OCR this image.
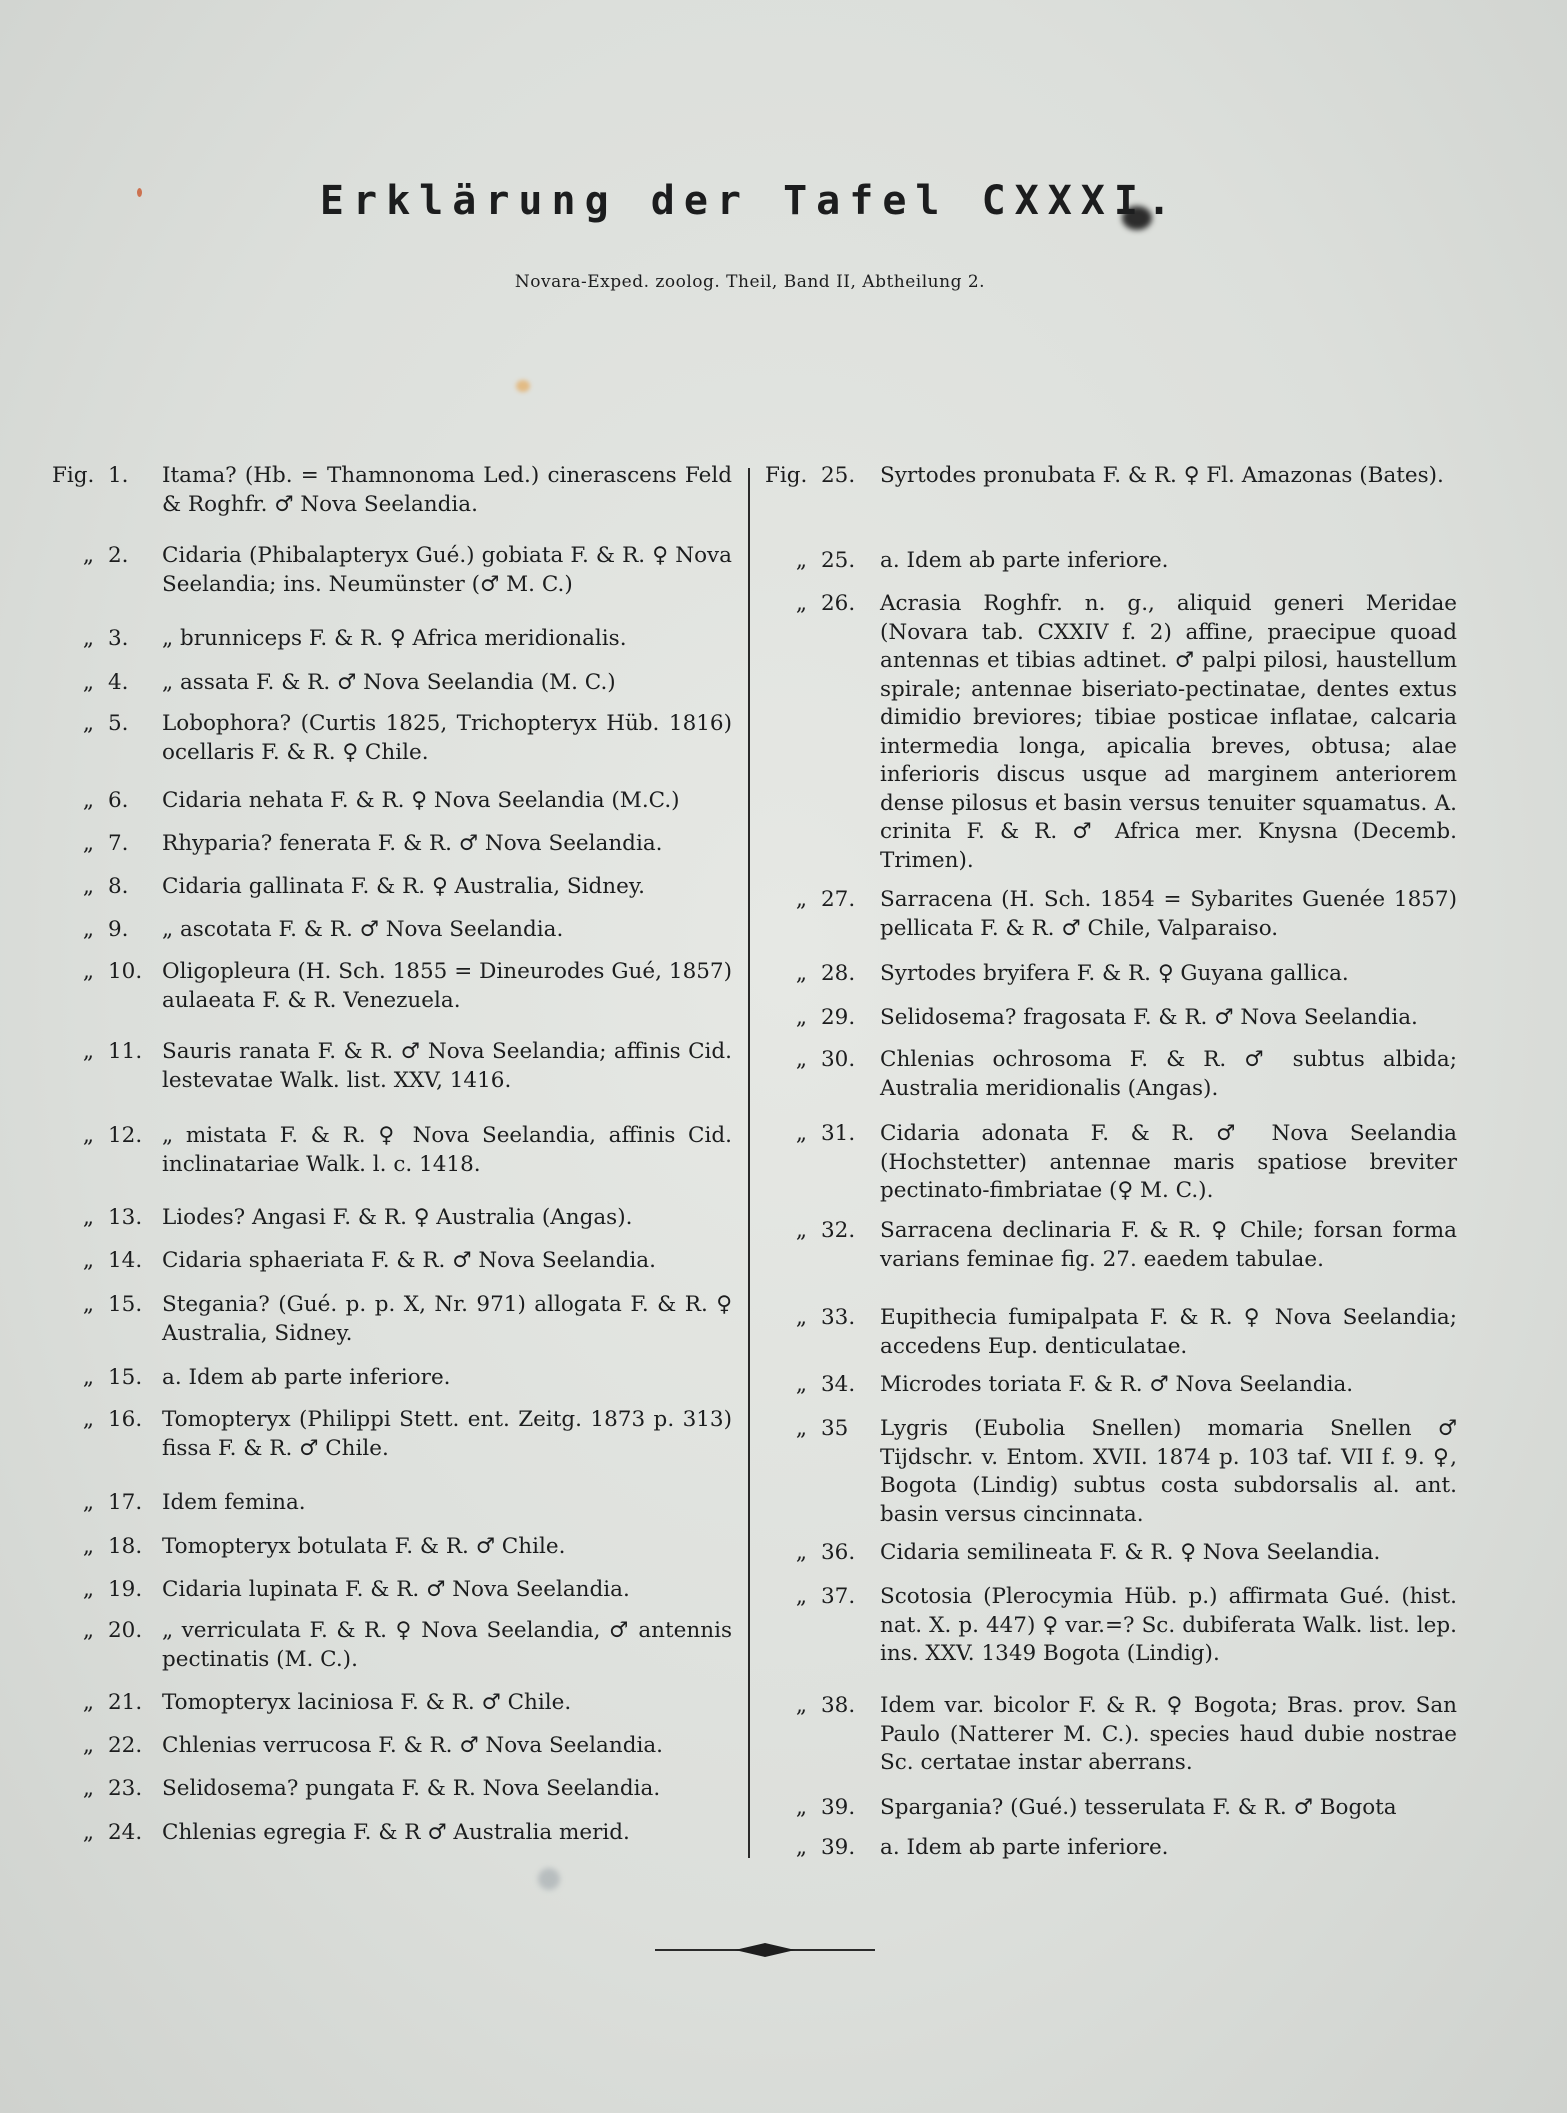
Erklärung der Tafel CXXXI.
Novara-Exped. zoolog. Theil, Band II, Abtheilung 2.
Fig. 1.	Itama? (Hb. = Thamnonoma Led.) cinerascens Feld & Roghfr. ♂ Nova Seelandia.
„ 2.	Cidaria (Phibalapteryx Gué.) gobiata F. & R. ♀ Nova Seelandia; ins. Neumünster (♂ M. C.)
„ 3.	„ brunniceps F. & R. ♀ Africa meridionalis.
„ 4.	„ assata F. & R. ♂ Nova Seelandia (M. C.)
„ 5.	Lobophora? (Curtis 1825, Trichopteryx Hüb. 1816) ocellaris F. & R. ♀ Chile.
„ 6.	Cidaria nehata F. & R. ♀ Nova Seelandia (M.C.)
„ 7.	Rhyparia? fenerata F. & R. ♂ Nova Seelandia.
„ 8.	Cidaria gallinata F. & R. ♀ Australia, Sidney.
„ 9.	„ ascotata F. & R. ♂ Nova Seelandia.
„ 10. Oligopleura (H. Sch. 1855 = Dineurodes Gué, 1857) aulaeata F. & R. Venezuela.
„ 11. Sauris ranata F. & R. ♂ Nova Seelandia; affinis Cid. lestevatae Walk. list. XXV, 1416.
„ 12. „ mistata F. & R. ♀ Nova Seelandia, affinis Cid. inclinatariae Walk. l. c. 1418.
„ 13. Liodes? Angasi F. & R. ♀ Australia (Angas).
„ 14. Cidaria sphaeriata F. & R. ♂ Nova Seelandia.
„ 15. Stegania? (Gué. p. p. X, Nr. 971) allogata F. & R. ♀ Australia, Sidney.
„ 15. a. Idem ab parte inferiore.
„ 16. Tomopteryx (Philippi Stett. ent. Zeitg. 1873 p. 313) fissa F. & R. ♂ Chile.
„ 17. Idem femina.
„ 18. Tomopteryx botulata F. & R. ♂ Chile.
„ 19. Cidaria lupinata F. & R. ♂ Nova Seelandia.
„ 20. „ verriculata F. & R. ♀ Nova Seelandia, ♂ antennis pectinatis (M. C.).
„ 21. Tomopteryx laciniosa F. & R. ♂ Chile.
„ 22. Chlenias verrucosa F. & R. ♂ Nova Seelandia.
„ 23. Selidosema? pungata F. & R. Nova Seelandia.
„ 24. Chlenias egregia F. & R ♂ Australia merid.
Fig. 25.	Syrtodes pronubata F. & R. ♀ Fl. Amazonas (Bates).
„ 25.	a. Idem ab parte inferiore.
„ 26.	Acrasia Roghfr. n. g., aliquid generi Meridae (Novara tab. CXXIV f. 2) affine, praecipue quoad antennas et tibias adtinet. ♂ palpi pilosi, haustellum spirale; antennae biseriato-pectinatae, dentes extus dimidio breviores; tibiae posticae inflatae, calcaria intermedia longa, apicalia breves, obtusa; alae inferioris discus usque ad marginem anteriorem dense pilosus et basin versus tenuiter squamatus. A. crinita F. & R. ♂ Africa mer. Knysna (Decemb. Trimen).
„ 27.	Sarracena (H. Sch. 1854 = Sybarites Guenée 1857) pellicata F. & R. ♂ Chile, Valparaiso.
„ 28.	Syrtodes bryifera F. & R. ♀ Guyana gallica.
„ 29.	Selidosema? fragosata F. & R. ♂ Nova Seelandia.
„ 30.	Chlenias ochrosoma F. & R. ♂ subtus albida; Australia meridionalis (Angas).
„ 31.	Cidaria adonata F. & R. ♂ Nova Seelandia (Hochstetter) antennae maris spatiose breviter pectinato-fimbriatae (♀ M. C.).
„ 32.	Sarracena declinaria F. & R. ♀ Chile; forsan forma varians feminae fig. 27. eaedem tabulae.
„ 33.	Eupithecia fumipalpata F. & R. ♀ Nova Seelandia; accedens Eup. denticulatae.
„ 34.	Microdes toriata F. & R. ♂ Nova Seelandia.
„ 35	Lygris (Eubolia Snellen) momaria Snellen ♂ Tijdschr. v. Entom. XVII. 1874 p. 103 taf. VII f. 9. ♀, Bogota (Lindig) subtus costa subdorsalis al. ant. basin versus cincinnata.
„ 36.	Cidaria semilineata F. & R. ♀ Nova Seelandia.
„ 37.	Scotosia (Plerocymia Hüb. p.) affirmata Gué. (hist. nat. X. p. 447) ♀ var.=? Sc. dubiferata Walk. list. lep. ins. XXV. 1349 Bogota (Lindig).
„ 38.	Idem var. bicolor F. & R. ♀ Bogota; Bras. prov. San Paulo (Natterer M. C.). species haud dubie nostrae Sc. certatae instar aberrans.
„ 39.	Spargania? (Gué.) tesserulata F. & R. ♂ Bogota
„ 39.	a. Idem ab parte inferiore.
